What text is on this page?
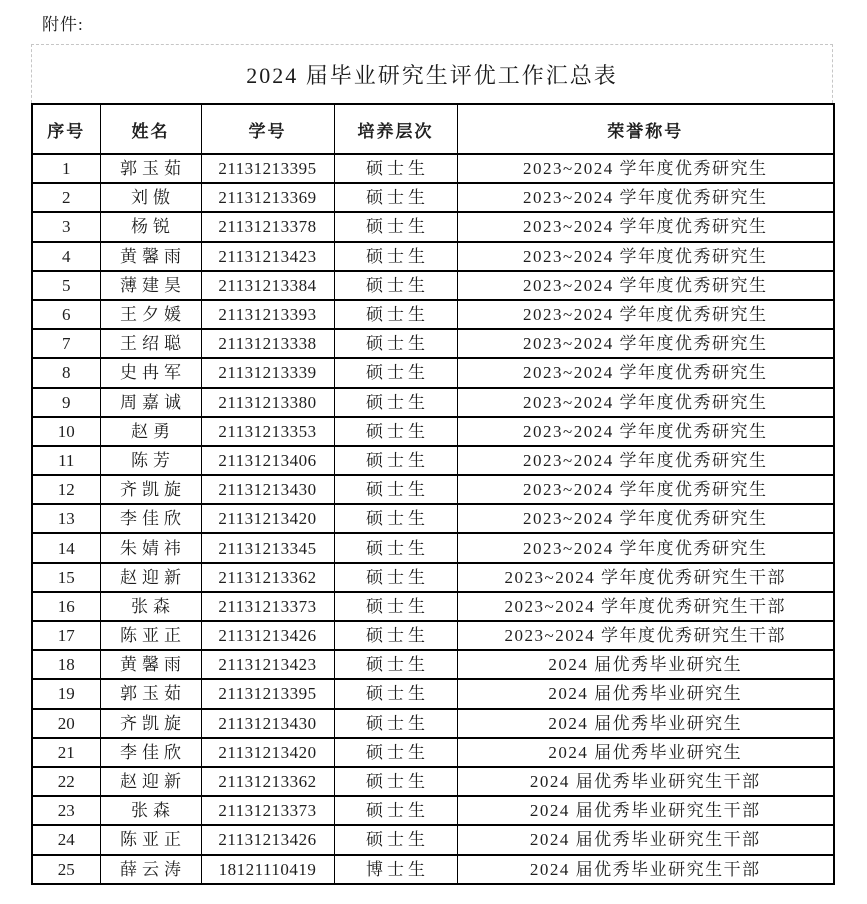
附件:
2024 届毕业研究生评优工作汇总表
序号	姓名	学号	培养层次	荣誉称号
1	郭玉茹	21131213395	硕士生	2023~2024 学年度优秀研究生
2	刘傲	21131213369	硕士生	2023~2024 学年度优秀研究生
3	杨锐	21131213378	硕士生	2023~2024 学年度优秀研究生
4	黄馨雨	21131213423	硕士生	2023~2024 学年度优秀研究生
5	薄建昊	21131213384	硕士生	2023~2024 学年度优秀研究生
6	王夕媛	21131213393	硕士生	2023~2024 学年度优秀研究生
7	王绍聪	21131213338	硕士生	2023~2024 学年度优秀研究生
8	史冉军	21131213339	硕士生	2023~2024 学年度优秀研究生
9	周嘉诚	21131213380	硕士生	2023~2024 学年度优秀研究生
10	赵勇	21131213353	硕士生	2023~2024 学年度优秀研究生
11	陈芳	21131213406	硕士生	2023~2024 学年度优秀研究生
12	齐凯旋	21131213430	硕士生	2023~2024 学年度优秀研究生
13	李佳欣	21131213420	硕士生	2023~2024 学年度优秀研究生
14	朱婧祎	21131213345	硕士生	2023~2024 学年度优秀研究生
15	赵迎新	21131213362	硕士生	2023~2024 学年度优秀研究生干部
16	张森	21131213373	硕士生	2023~2024 学年度优秀研究生干部
17	陈亚正	21131213426	硕士生	2023~2024 学年度优秀研究生干部
18	黄馨雨	21131213423	硕士生	2024 届优秀毕业研究生
19	郭玉茹	21131213395	硕士生	2024 届优秀毕业研究生
20	齐凯旋	21131213430	硕士生	2024 届优秀毕业研究生
21	李佳欣	21131213420	硕士生	2024 届优秀毕业研究生
22	赵迎新	21131213362	硕士生	2024 届优秀毕业研究生干部
23	张森	21131213373	硕士生	2024 届优秀毕业研究生干部
24	陈亚正	21131213426	硕士生	2024 届优秀毕业研究生干部
25	薛云涛	18121110419	博士生	2024 届优秀毕业研究生干部
